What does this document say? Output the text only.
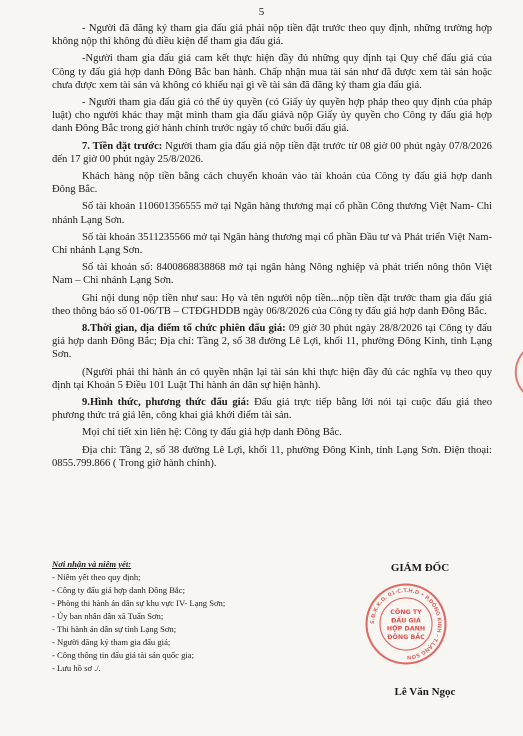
5

- Người đã đăng ký tham gia đấu giá phải nộp tiền đặt trước theo quy định, những trường hợp không nộp thì không đủ điều kiện để tham gia đấu giá.

-Người tham gia đấu giá cam kết thực hiện đầy đủ những quy định tại Quy chế đấu giá của Công ty đấu giá hợp danh Đông Bắc ban hành. Chấp nhận mua tài sản như đã được xem tài sản hoặc chưa được xem tài sản và không có khiếu nại gì về tài sản đã đăng ký tham gia đấu giá.

- Người tham gia đấu giá có thể ủy quyền (có Giấy ủy quyền hợp pháp theo quy định của pháp luật) cho người khác thay mặt mình tham gia đấu giávà nộp Giấy ủy quyền cho Công ty đấu giá hợp danh Đông Bắc trong giờ hành chính trước ngày tổ chức buổi đấu giá.

7. Tiền đặt trước: Người tham gia đấu giá nộp tiền đặt trước từ 08 giờ 00 phút ngày 07/8/2026 đến 17 giờ 00 phút ngày 25/8/2026.

Khách hàng nộp tiền bằng cách chuyển khoản vào tài khoản của Công ty đấu giá hợp danh Đông Bắc.

Số tài khoản 110601356555 mở tại Ngân hàng thương mại cổ phần Công thương Việt Nam- Chi nhánh Lạng Sơn.

Số tài khoản 3511235566 mở tại Ngân hàng thương mại cổ phần Đầu tư và Phát triển Việt Nam- Chi nhánh Lạng Sơn.

Số tài khoản số: 8400868838868 mở tại ngân hàng Nông nghiệp và phát triển nông thôn Việt Nam – Chi nhánh Lạng Sơn.

Ghi nội dung nộp tiền như sau: Họ và tên người nộp tiền...nộp tiền đặt trước tham gia đấu giá theo thông báo số 01-06/TB – CTĐGHDDB ngày 06/8/2026 của Công ty đấu giá hợp danh Đông Bắc.

8.Thời gian, địa điểm tổ chức phiên đấu giá: 09 giờ 30 phút ngày 28/8/2026 tại Công ty đấu giá hợp danh Đông Bắc; Địa chỉ: Tầng 2, số 38 đường Lê Lợi, khối 11, phường Đông Kinh, tỉnh Lạng Sơn.

(Người phải thi hành án có quyền nhận lại tài sản khi thực hiện đầy đủ các nghĩa vụ theo quy định tại Khoản 5 Điều 101 Luật Thi hành án dân sự hiện hành).

9.Hình thức, phương thức đấu giá: Đấu giá trực tiếp bằng lời nói tại cuộc đấu giá theo phương thức trả giá lên, công khai giá khởi điểm tài sản.

Mọi chi tiết xin liên hệ: Công ty đấu giá hợp danh Đông Bắc.

Địa chỉ: Tầng 2, số 38 đường Lê Lợi, khối 11, phường Đông Kinh, tỉnh Lạng Sơn. Điện thoại: 0855.799.866 ( Trong giờ hành chính).

Nơi nhận và niêm yết:
- Niêm yết theo quy định;
- Công ty đấu giá hợp danh Đông Bắc;
- Phòng thi hành án dân sự khu vực IV- Lạng Sơn;
- Ủy ban nhân dân xã Tuấn Sơn;
- Thi hành án dân sự tỉnh Lạng Sơn;
- Người đăng ký tham gia đấu giá;
- Công thông tin đấu giá tài sản quốc gia;
- Lưu hồ sơ ./.
GIÁM ĐỐC
S.Đ.K.K.D. 01-C.T.H.D • P.ĐÔNG KINH - T.LẠNG SƠN
CÔNG TY
ĐẤU GIÁ
HỢP DANH
ĐÔNG BẮC
Lê Văn Ngọc
